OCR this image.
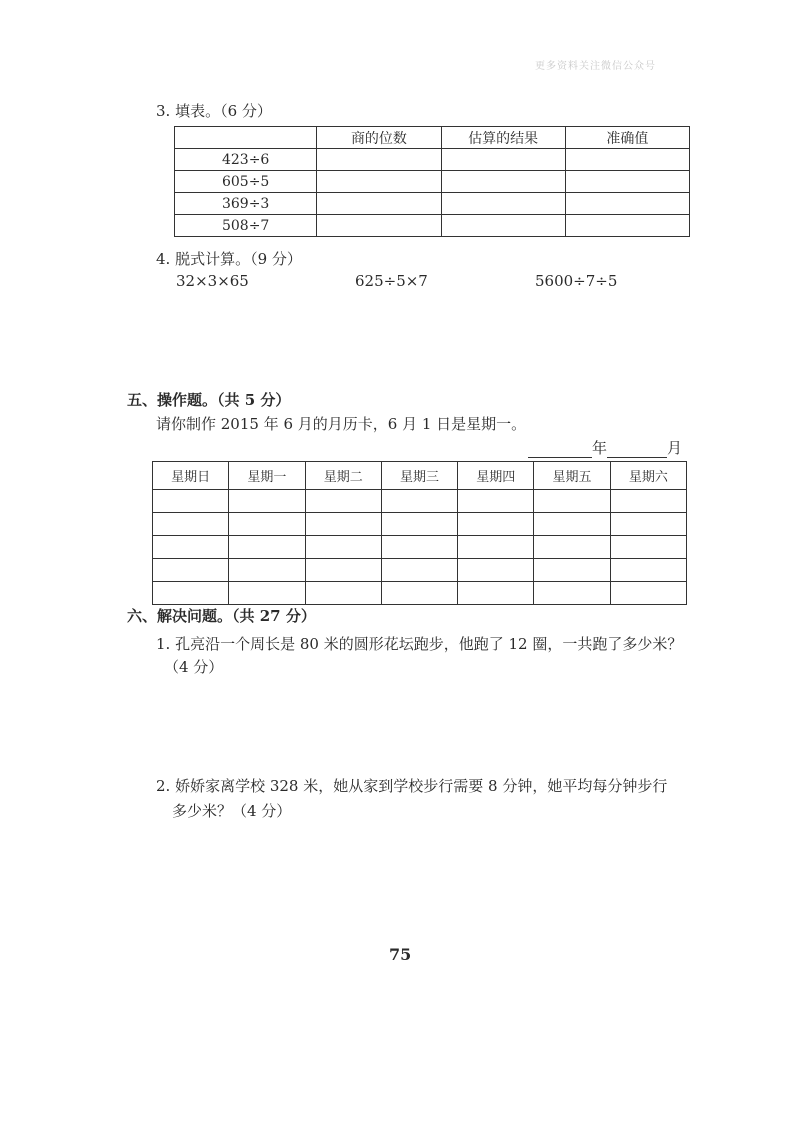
更多资料关注微信公众号
3. 填表。（6 分）
	商的位数	估算的结果	准确值
423÷6			
605÷5			
369÷3			
508÷7			
4. 脱式计算。（9 分）
32×3×65	625÷5×7	5600÷7÷5
五、操作题。（共 5 分）
请你制作 2015 年 6 月的月历卡，6 月 1 日是星期一。
年	月
星期日	星期一	星期二	星期三	星期四	星期五	星期六

六、解决问题。（共 27 分）
1. 孔亮沿一个周长是 80 米的圆形花坛跑步，他跑了 12 圈，一共跑了多少米？
（4 分）
2. 娇娇家离学校 328 米，她从家到学校步行需要 8 分钟，她平均每分钟步行
多少米？（4 分）
75
